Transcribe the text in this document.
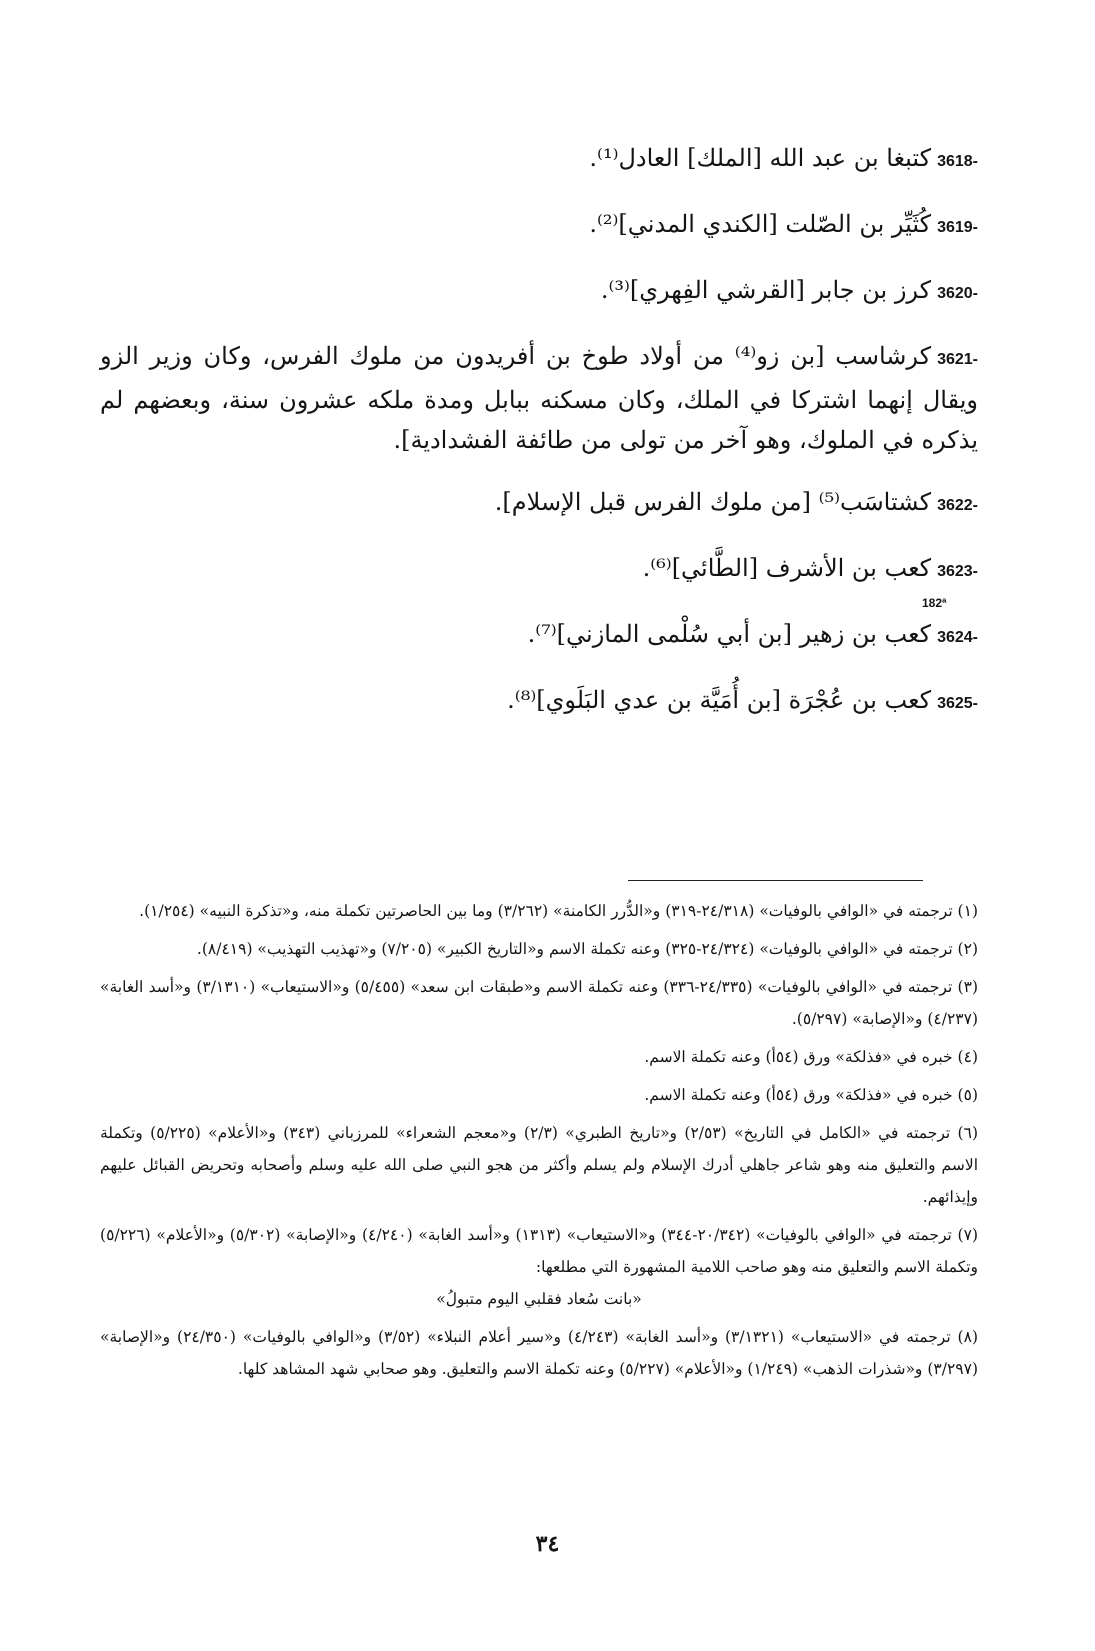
3618-كتبغا بن عبد الله [الملك] العادل⁽¹⁾.

3619-كُثَيِّر بن الصّلت [الكندي المدني]⁽²⁾.

3620-كرز بن جابر [القرشي الفِهري]⁽³⁾.

3621-كرشاسب [بن زو⁽⁴⁾ من أولاد طوخ بن أفريدون من ملوك الفرس، وكان وزير الزو ويقال إنهما اشتركا في الملك، وكان مسكنه ببابل ومدة ملكه عشرون سنة، وبعضهم لم يذكره في الملوك، وهو آخر من تولى من طائفة الفشدادية].

3622-كشتاسَب⁽⁵⁾ [من ملوك الفرس قبل الإسلام].

3623-كعب بن الأشرف [الطَّائي]⁽⁶⁾.

3624-كعب بن زهير [بن أبي سُلْمى المازني]⁽⁷⁾.

3625-كعب بن عُجْرَة [بن أُمَيَّة بن عدي البَلَوي]⁽⁸⁾.

182ª

(١) ترجمته في «الوافي بالوفيات» (٢٤/٣١٨-٣١٩) و«الدُّرر الكامنة» (٣/٢٦٢) وما بين الحاصرتين تكملة منه، و«تذكرة النبيه» (١/٢٥٤).

(٢) ترجمته في «الوافي بالوفيات» (٢٤/٣٢٤-٣٢٥) وعنه تكملة الاسم و«التاريخ الكبير» (٧/٢٠٥) و«تهذيب التهذيب» (٨/٤١٩).

(٣) ترجمته في «الوافي بالوفيات» (٢٤/٣٣٥-٣٣٦) وعنه تكملة الاسم و«طبقات ابن سعد» (٥/٤٥٥) و«الاستيعاب» (٣/١٣١٠) و«أسد الغابة» (٤/٢٣٧) و«الإصابة» (٥/٢٩٧).

(٤) خبره في «فذلكة» ورق (٥٤أ) وعنه تكملة الاسم.

(٥) خبره في «فذلكة» ورق (٥٤أ) وعنه تكملة الاسم.

(٦) ترجمته في «الكامل في التاريخ» (٢/٥٣) و«تاريخ الطبري» (٢/٣) و«معجم الشعراء» للمرزباني (٣٤٣) و«الأعلام» (٥/٢٢٥) وتكملة الاسم والتعليق منه وهو شاعر جاهلي أدرك الإسلام ولم يسلم وأكثر من هجو النبي صلى الله عليه وسلم وأصحابه وتحريض القبائل عليهم وإيذائهم.

(٧) ترجمته في «الوافي بالوفيات» (٢٠/٣٤٢-٣٤٤) و«الاستيعاب» (١٣١٣) و«أسد الغابة» (٤/٢٤٠) و«الإصابة» (٥/٣٠٢) و«الأعلام» (٥/٢٢٦) وتكملة الاسم والتعليق منه وهو صاحب اللامية المشهورة التي مطلعها:
«بانت سُعاد فقلبي اليوم متبولُ»

(٨) ترجمته في «الاستيعاب» (٣/١٣٢١) و«أسد الغابة» (٤/٢٤٣) و«سير أعلام النبلاء» (٣/٥٢) و«الوافي بالوفيات» (٢٤/٣٥٠) و«الإصابة» (٣/٢٩٧) و«شذرات الذهب» (١/٢٤٩) و«الأعلام» (٥/٢٢٧) وعنه تكملة الاسم والتعليق. وهو صحابي شهد المشاهد كلها.

٣٤
